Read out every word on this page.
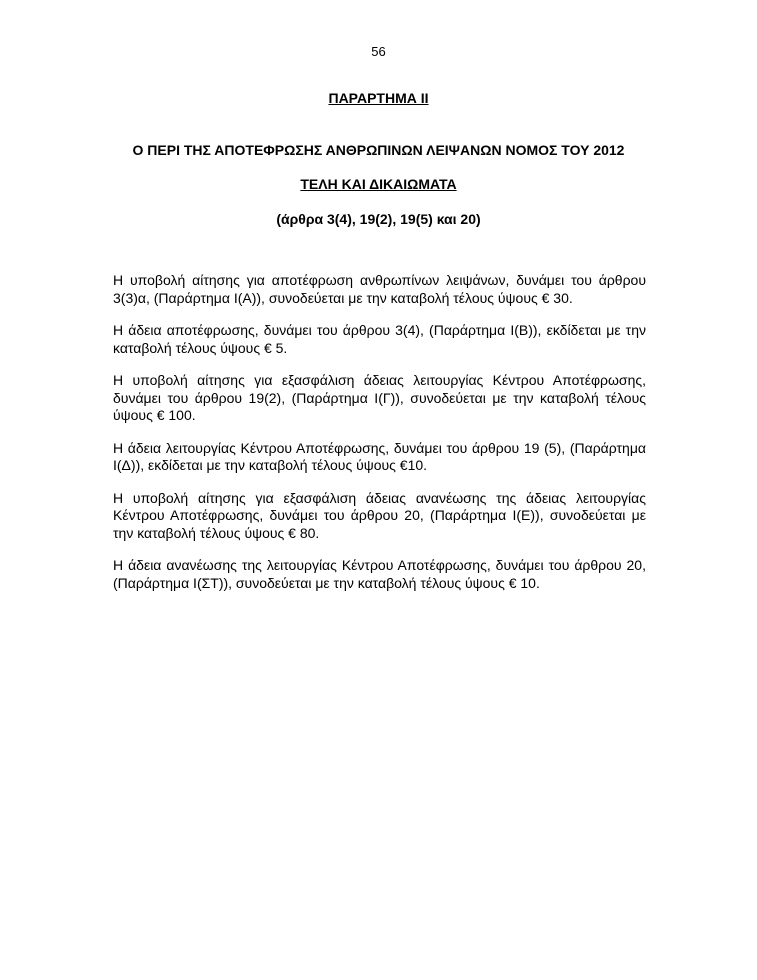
56
ΠΑΡΑΡΤΗΜΑ ΙΙ
Ο ΠΕΡΙ ΤΗΣ ΑΠΟΤΕΦΡΩΣΗΣ ΑΝΘΡΩΠΙΝΩΝ ΛΕΙΨΑΝΩΝ ΝΟΜΟΣ ΤΟΥ 2012
ΤΕΛΗ ΚΑΙ ΔΙΚΑΙΩΜΑΤΑ
(άρθρα 3(4), 19(2), 19(5) και 20)

Η υποβολή αίτησης για αποτέφρωση ανθρωπίνων λειψάνων, δυνάμει του άρθρου 3(3)α, (Παράρτημα Ι(Α)), συνοδεύεται με την καταβολή τέλους ύψους € 30.

Η άδεια αποτέφρωσης, δυνάμει του άρθρου 3(4), (Παράρτημα Ι(Β)), εκδίδεται με την καταβολή τέλους ύψους € 5.

Η υποβολή αίτησης για εξασφάλιση άδειας λειτουργίας Κέντρου Αποτέφρωσης, δυνάμει του άρθρου 19(2), (Παράρτημα Ι(Γ)), συνοδεύεται με την καταβολή τέλους ύψους € 100.

Η άδεια λειτουργίας Κέντρου Αποτέφρωσης, δυνάμει του άρθρου 19 (5), (Παράρτημα Ι(Δ)), εκδίδεται με την καταβολή τέλους ύψους €10.

Η υποβολή αίτησης για εξασφάλιση άδειας ανανέωσης της άδειας λειτουργίας Κέντρου Αποτέφρωσης, δυνάμει του άρθρου 20, (Παράρτημα Ι(Ε)), συνοδεύεται με την καταβολή τέλους ύψους € 80.

Η άδεια ανανέωσης της λειτουργίας Κέντρου Αποτέφρωσης, δυνάμει του άρθρου 20, (Παράρτημα Ι(ΣΤ)), συνοδεύεται με την καταβολή τέλους ύψους € 10.
